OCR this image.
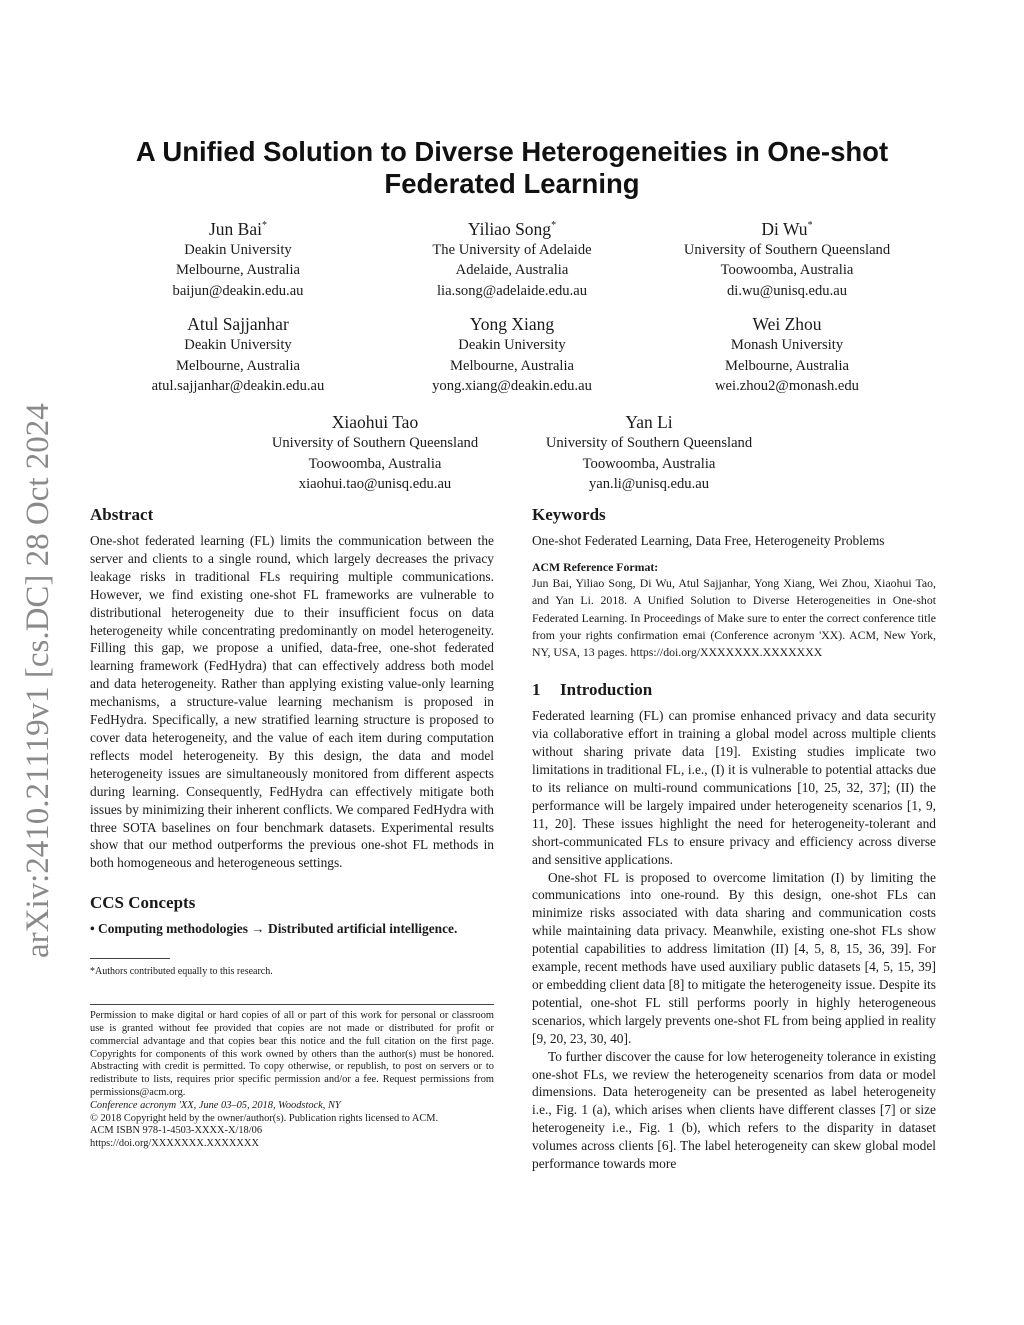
arXiv:2410.21119v1 [cs.DC] 28 Oct 2024
A Unified Solution to Diverse Heterogeneities in One-shot Federated Learning
Jun Bai*
Deakin University
Melbourne, Australia
baijun@deakin.edu.au
Yiliao Song*
The University of Adelaide
Adelaide, Australia
lia.song@adelaide.edu.au
Di Wu*
University of Southern Queensland
Toowoomba, Australia
di.wu@unisq.edu.au
Atul Sajjanhar
Deakin University
Melbourne, Australia
atul.sajjanhar@deakin.edu.au
Yong Xiang
Deakin University
Melbourne, Australia
yong.xiang@deakin.edu.au
Wei Zhou
Monash University
Melbourne, Australia
wei.zhou2@monash.edu
Xiaohui Tao
University of Southern Queensland
Toowoomba, Australia
xiaohui.tao@unisq.edu.au
Yan Li
University of Southern Queensland
Toowoomba, Australia
yan.li@unisq.edu.au
Abstract

One-shot federated learning (FL) limits the communication between the server and clients to a single round, which largely decreases the privacy leakage risks in traditional FLs requiring multiple communications. However, we find existing one-shot FL frameworks are vulnerable to distributional heterogeneity due to their insufficient focus on data heterogeneity while concentrating predominantly on model heterogeneity. Filling this gap, we propose a unified, data-free, one-shot federated learning framework (FedHydra) that can effectively address both model and data heterogeneity. Rather than applying existing value-only learning mechanisms, a structure-value learning mechanism is proposed in FedHydra. Specifically, a new stratified learning structure is proposed to cover data heterogeneity, and the value of each item during computation reflects model heterogeneity. By this design, the data and model heterogeneity issues are simultaneously monitored from different aspects during learning. Consequently, FedHydra can effectively mitigate both issues by minimizing their inherent conflicts. We compared FedHydra with three SOTA baselines on four benchmark datasets. Experimental results show that our method outperforms the previous one-shot FL methods in both homogeneous and heterogeneous settings.

CCS Concepts
• Computing methodologies → Distributed artificial intelligence.
*Authors contributed equally to this research.

Permission to make digital or hard copies of all or part of this work for personal or classroom use is granted without fee provided that copies are not made or distributed for profit or commercial advantage and that copies bear this notice and the full citation on the first page. Copyrights for components of this work owned by others than the author(s) must be honored. Abstracting with credit is permitted. To copy otherwise, or republish, to post on servers or to redistribute to lists, requires prior specific permission and/or a fee. Request permissions from permissions@acm.org.

Conference acronym 'XX, June 03–05, 2018, Woodstock, NY
© 2018 Copyright held by the owner/author(s). Publication rights licensed to ACM.
ACM ISBN 978-1-4503-XXXX-X/18/06
https://doi.org/XXXXXXX.XXXXXXX
Keywords

One-shot Federated Learning, Data Free, Heterogeneity Problems

ACM Reference Format:

Jun Bai, Yiliao Song, Di Wu, Atul Sajjanhar, Yong Xiang, Wei Zhou, Xiaohui Tao, and Yan Li. 2018. A Unified Solution to Diverse Heterogeneities in One-shot Federated Learning. In Proceedings of Make sure to enter the correct conference title from your rights confirmation emai (Conference acronym 'XX). ACM, New York, NY, USA, 13 pages. https://doi.org/XXXXXXX.XXXXXXX

1 Introduction

Federated learning (FL) can promise enhanced privacy and data security via collaborative effort in training a global model across multiple clients without sharing private data [19]. Existing studies implicate two limitations in traditional FL, i.e., (I) it is vulnerable to potential attacks due to its reliance on multi-round communications [10, 25, 32, 37]; (II) the performance will be largely impaired under heterogeneity scenarios [1, 9, 11, 20]. These issues highlight the need for heterogeneity-tolerant and short-communicated FLs to ensure privacy and efficiency across diverse and sensitive applications.

One-shot FL is proposed to overcome limitation (I) by limiting the communications into one-round. By this design, one-shot FLs can minimize risks associated with data sharing and communication costs while maintaining data privacy. Meanwhile, existing one-shot FLs show potential capabilities to address limitation (II) [4, 5, 8, 15, 36, 39]. For example, recent methods have used auxiliary public datasets [4, 5, 15, 39] or embedding client data [8] to mitigate the heterogeneity issue. Despite its potential, one-shot FL still performs poorly in highly heterogeneous scenarios, which largely prevents one-shot FL from being applied in reality [9, 20, 23, 30, 40].

To further discover the cause for low heterogeneity tolerance in existing one-shot FLs, we review the heterogeneity scenarios from data or model dimensions. Data heterogeneity can be presented as label heterogeneity i.e., Fig. 1 (a), which arises when clients have different classes [7] or size heterogeneity i.e., Fig. 1 (b), which refers to the disparity in dataset volumes across clients [6]. The label heterogeneity can skew global model performance towards more
